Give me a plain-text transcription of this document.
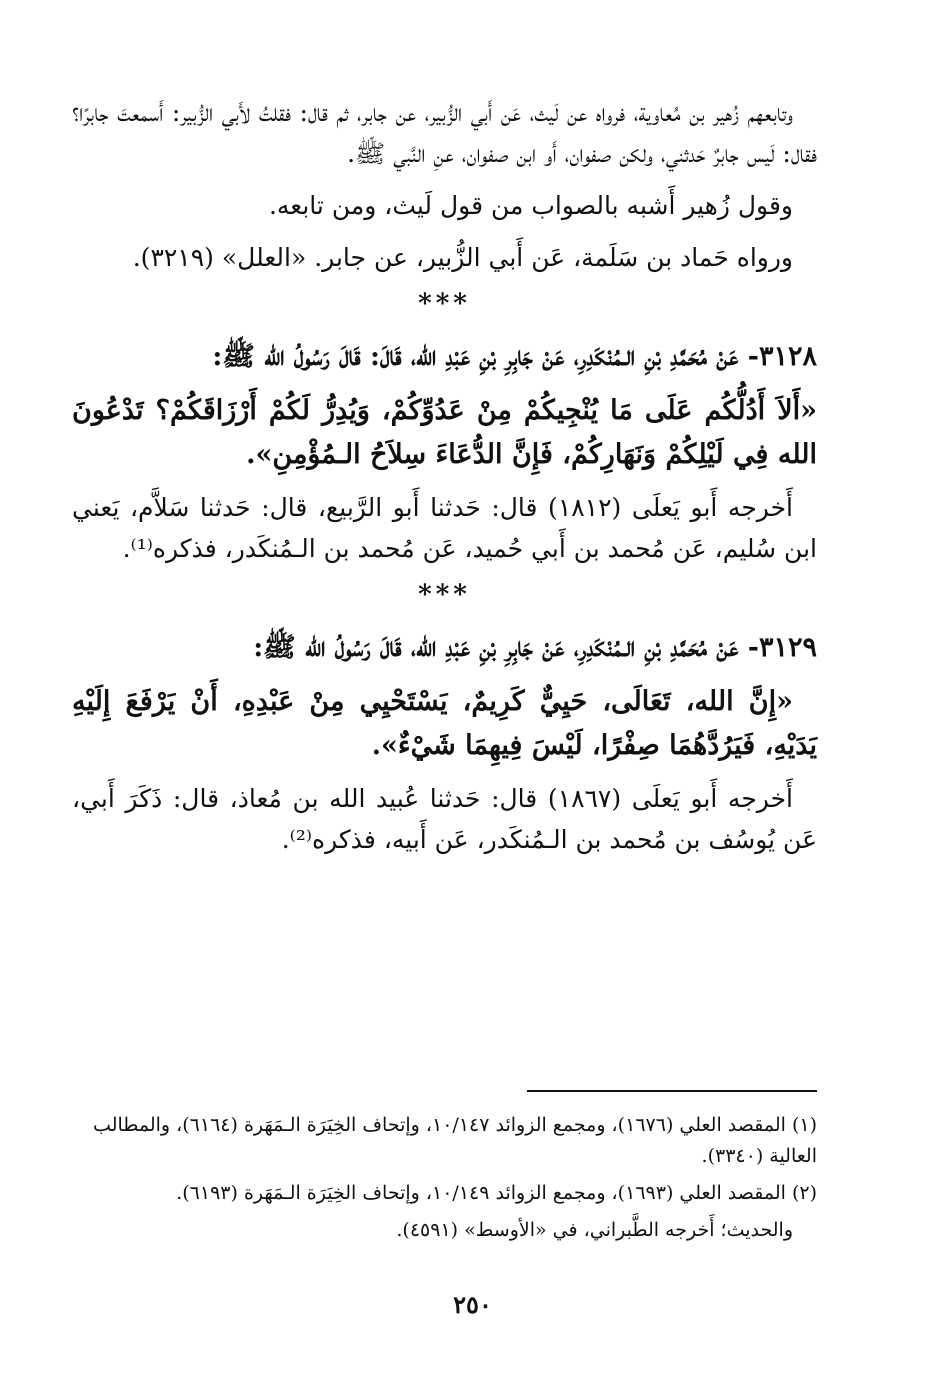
وتابعهم زُهير بن مُعاوية، فرواه عن لَيث، عَن أَبي الزُّبير، عن جابر، ثم قال: فقلتُ لأَبي الزُّبير: أَسمعتَ جابرًا؟ فقال: لَيس جابرٌ حَدثني، ولكن صفوان، أَو ابن صفوان، عنِ النَّبي ﷺ.

وقول زُهير أَشبه بالصواب من قول لَيث، ومن تابعه.

ورواه حَماد بن سَلَمة، عَن أَبي الزُّبير، عن جابر. «العلل» (٣٢١٩).

***

٣١٢٨- عَنْ مُحَمَّدِ بْنِ الـمُنْكَدِرِ، عَنْ جَابِرِ بْنِ عَبْدِ الله، قَالَ: قَالَ رَسُولُ الله ﷺ:

«أَلاَ أَدُلُّكُم عَلَى مَا يُنْجِيكُمْ مِنْ عَدُوِّكُمْ، وَيُدِرُّ لَكُمْ أَرْزَاقَكُمْ؟ تَدْعُونَ الله فِي لَيْلِكُمْ وَنَهَارِكُمْ، فَإِنَّ الدُّعَاءَ سِلاَحُ الـمُؤْمِنِ».

أَخرجه أَبو يَعلَى (١٨١٢) قال: حَدثنا أَبو الرَّبيع، قال: حَدثنا سَلاَّم، يَعني ابن سُليم، عَن مُحمد بن أَبي حُميد، عَن مُحمد بن الـمُنكَدر، فذكره⁽¹⁾.

***

٣١٢٩- عَنْ مُحَمَّدِ بْنِ الـمُنْكَدِرِ، عَنْ جَابِرِ بْنِ عَبْدِ الله، قَالَ رَسُولُ الله ﷺ:

«إِنَّ الله، تَعَالَى، حَيِيٌّ كَرِيمٌ، يَسْتَحْيِي مِنْ عَبْدِهِ، أَنْ يَرْفَعَ إِلَيْهِ يَدَيْهِ، فَيَرُدَّهُمَا صِفْرًا، لَيْسَ فِيهِمَا شَيْءٌ».

أَخرجه أَبو يَعلَى (١٨٦٧) قال: حَدثنا عُبيد الله بن مُعاذ، قال: ذَكَرَ أَبي، عَن يُوسُف بن مُحمد بن الـمُنكَدر، عَن أَبيه، فذكره⁽²⁾.

(١) المقصد العلي (١٦٧٦)، ومجمع الزوائد ١٠/١٤٧، وإتحاف الخِيَرَة الـمَهَرة (٦١٦٤)، والمطالب العالية (٣٣٤٠).

(٢) المقصد العلي (١٦٩٣)، ومجمع الزوائد ١٠/١٤٩، وإتحاف الخِيَرَة الـمَهَرة (٦١٩٣).

والحديث؛ أَخرجه الطَّبراني، في «الأوسط» (٤٥٩١).

٢٥٠
